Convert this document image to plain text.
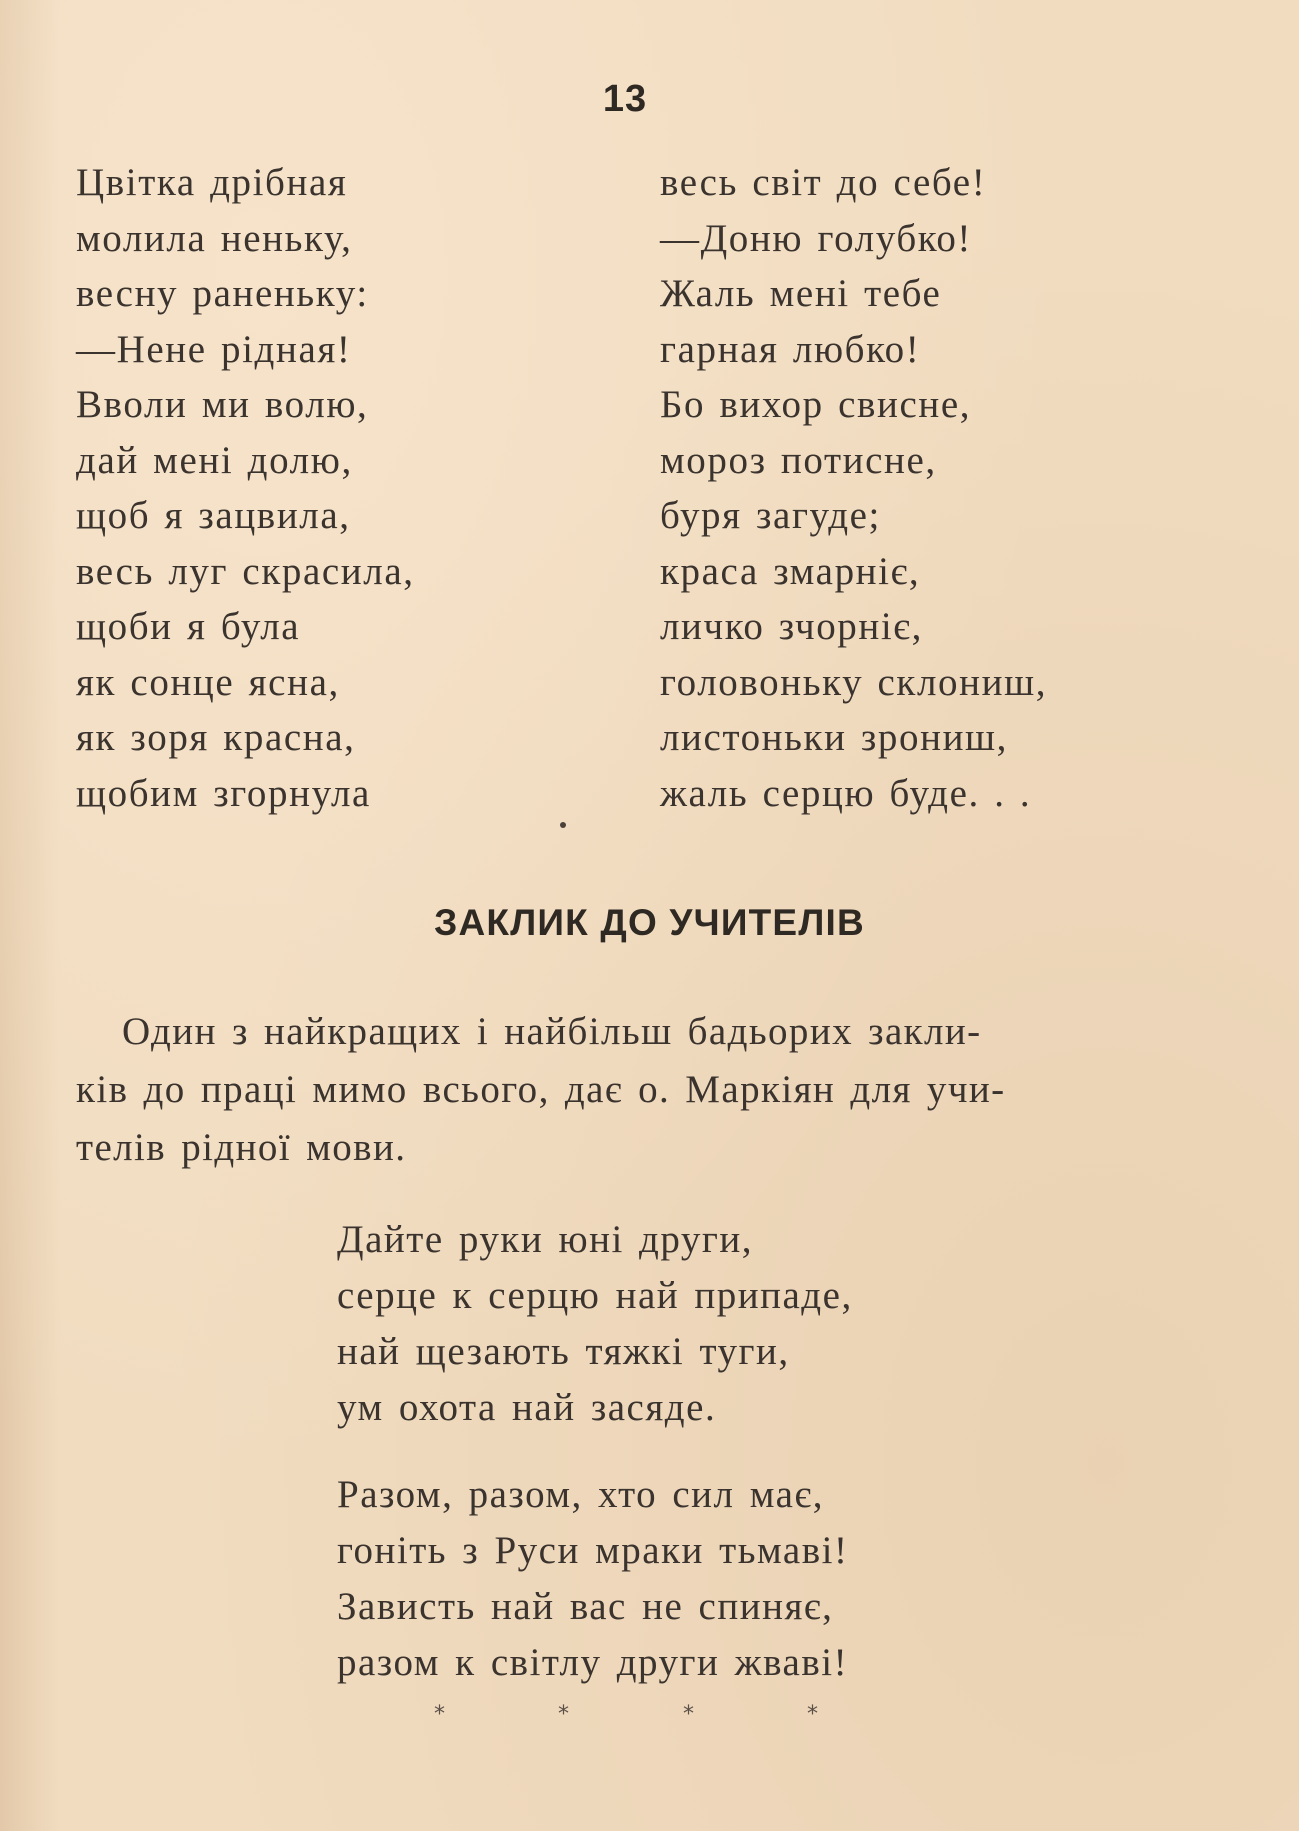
13
Цвітка дрібная
молила неньку,
весну раненьку:
—Нене рідная!
Вволи ми волю,
дай мені долю,
щоб я зацвила,
весь луг скрасила,
щоби я була
як сонце ясна,
як зоря красна,
щобим згорнула
весь світ до себе!
—Доню голубко!
Жаль мені тебе
гарная любко!
Бо вихор свисне,
мороз потисне,
буря загуде;
краса змарніє,
личко зчорніє,
головоньку склониш,
листоньки зрониш,
жаль серцю буде. . .
ЗАКЛИК ДО УЧИТЕЛІВ
Один з найкращих і найбільш бадьорих закли-
ків до праці мимо всього, дає о. Маркіян для учи-
телів рідної мови.
Дайте руки юні други,
серце к серцю най припаде,
най щезають тяжкі туги,
ум охота най засяде.
Разом, разом, хто сил має,
гоніть з Руси мраки тьмаві!
Завиcть най вас не спиняє,
разом к світлу други жваві!
*	*	*	*
